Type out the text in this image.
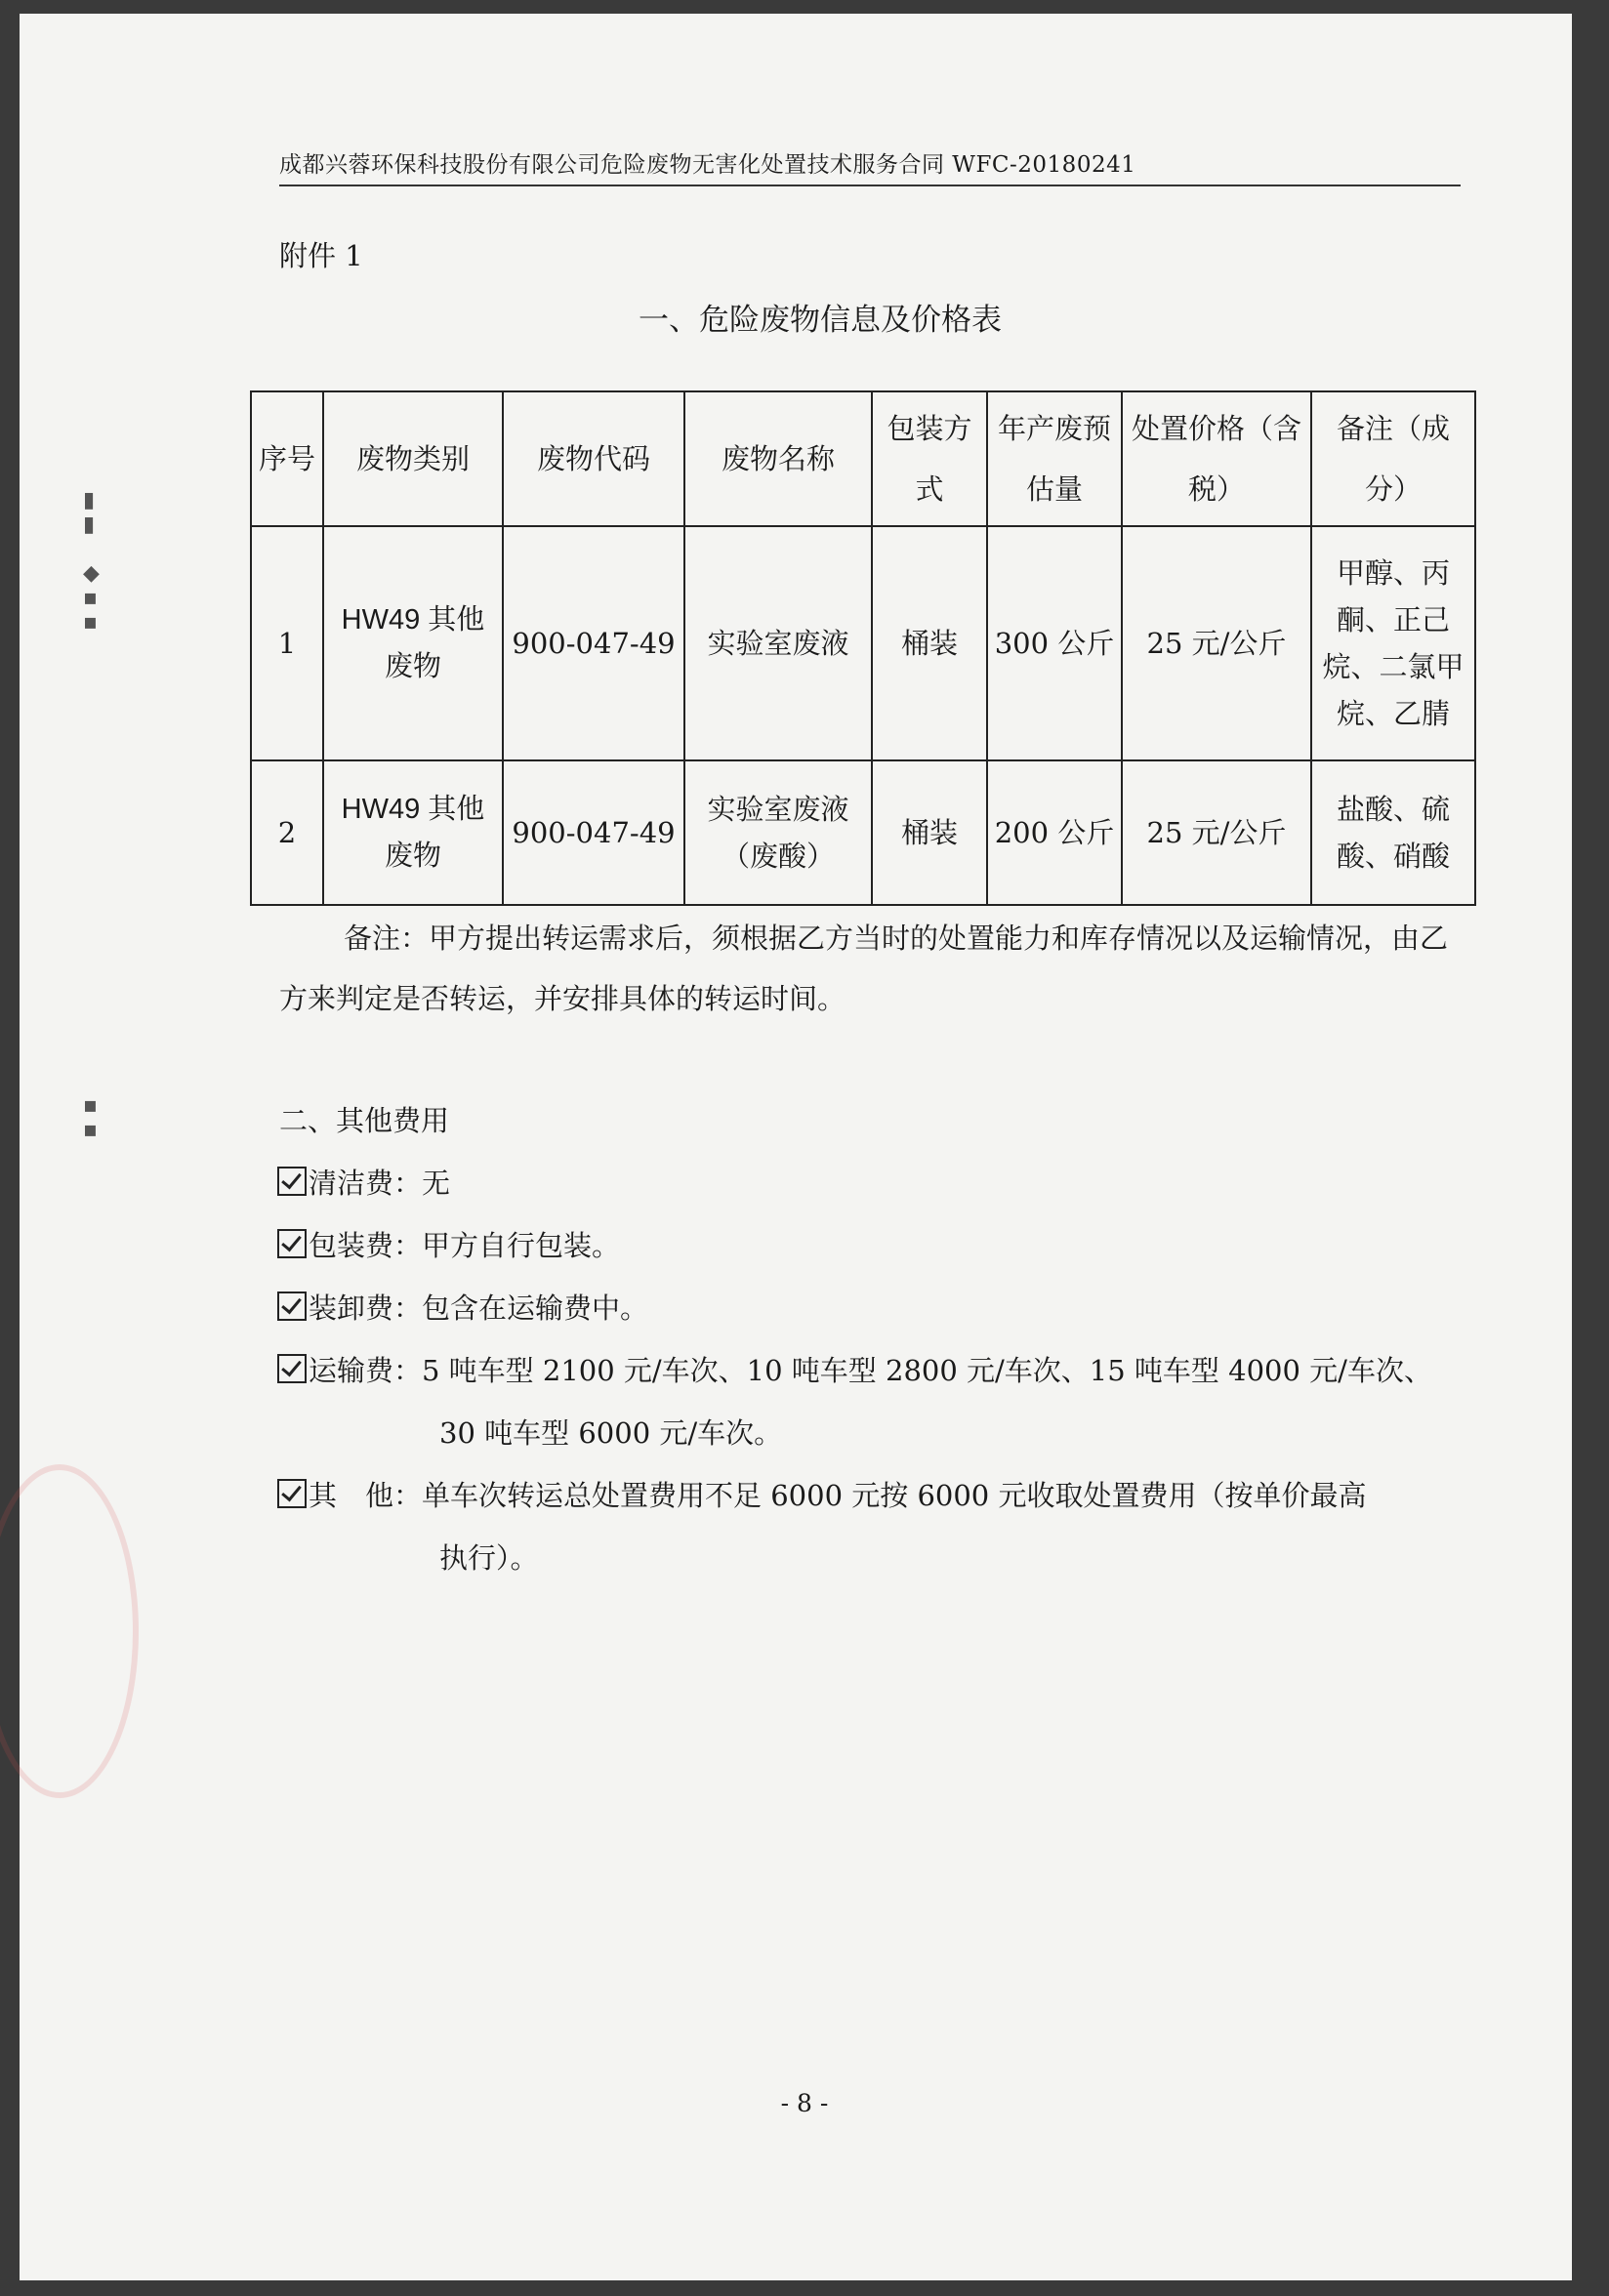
▮
▮

◆
▪
▪
▪
▪
成都兴蓉环保科技股份有限公司危险废物无害化处置技术服务合同 WFC-20180241
附件 1
一、危险废物信息及价格表
序号	废物类别	废物代码	废物名称	包装方式	年产废预估量	处置价格（含税）	备注（成分）
1	HW49 其他废物	900-047-49	实验室废液	桶装	300 公斤	25 元/公斤	甲醇、丙酮、正己烷、二氯甲烷、乙腈
2	HW49 其他废物	900-047-49	实验室废液（废酸）	桶装	200 公斤	25 元/公斤	盐酸、硫酸、硝酸
备注：甲方提出转运需求后，须根据乙方当时的处置能力和库存情况以及运输情况，由乙方来判定是否转运，并安排具体的转运时间。
二、其他费用
清洁费：无
包装费：甲方自行包装。
装卸费：包含在运输费中。
运输费：5 吨车型 2100 元/车次、10 吨车型 2800 元/车次、15 吨车型 4000 元/车次、
30 吨车型 6000 元/车次。
其　他：单车次转运总处置费用不足 6000 元按 6000 元收取处置费用（按单价最高
执行）。
- 8 -
